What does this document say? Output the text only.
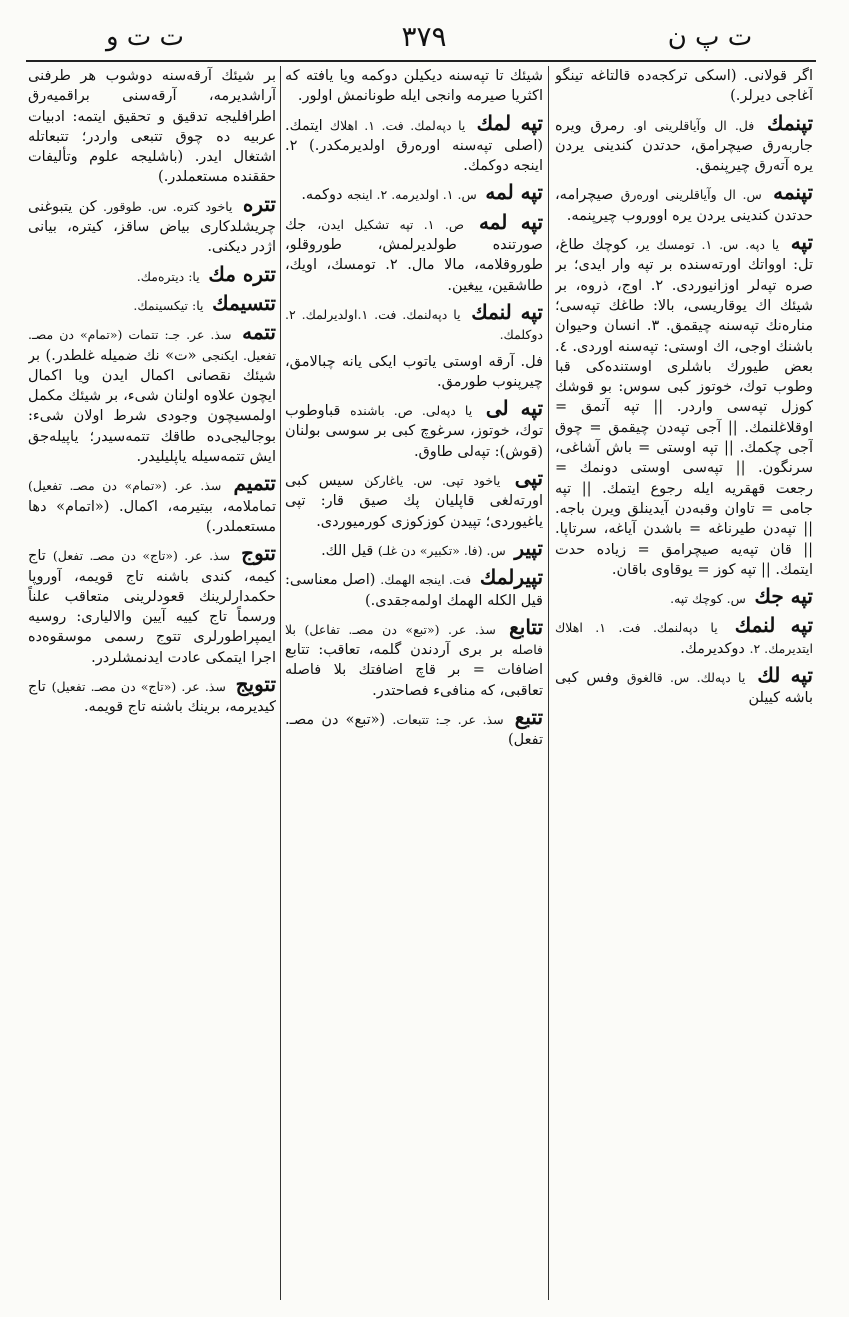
ت ت و	٣٧٩	ت پ ن

اگر قولانی. (اسکی ترکجه‌ده قالتاغه تینگو آغاجی دیرلر.)

تپنمك فل. ال وآیاقلرینی او. رمرق ویره جاربه‌رق صیچرامق، حدتدن کندینی یردن یره آته‌رق چیرپنمق.

تپنمه س. ال وآیاقلرینی اوره‌رق صیچرامه، حدتدن کندینی یردن یره اووروب چیرپنمه.

تپه یا دپه. س. ١. تومسك یر، کوچك طاغ، تل: اوواتك اورته‌سنده بر تپه وار ایدی؛ بر صره تپه‌لر اوزانیوردی. ٢. اوج، ذروه، بر شیئك اك یوقاریسی، بالا: طاغك تپه‌سی؛ مناره‌نك تپه‌سنه چیقمق. ٣. انسان وحیوان باشنك اوجی، اك اوستی: تپه‌سنه اوردی. ٤. بعض طیورك باشلری اوستنده‌کی قبا وطوب توك، خوتوز کبی سوس: بو قوشك کوزل تپه‌سی واردر. || تپه آتمق = اوقلاغلنمك. || آجی تپه‌دن چیقمق = چوق آجی چکمك. || تپه اوستی = باش آشاغی، سرنگون. || تپه‌سی اوستی دونمك = رجعت قهقریه ایله رجوع ایتمك. || تپه جامی = تاوان وقبه‌دن آیدینلق ویرن باجه. || تپه‌دن طیرناغه = باشدن آیاغه، سرتاپا. || قان تپه‌یه صیچرامق = زیاده حدت ایتمك. || تپه کوز = یوقاوی باقان.

تپه جك س. کوچك تپه.

تپه لنمك یا دپه‌لنمك. فت. ١. اهلاك ایتدیرمك. ٢. دوکدیرمك.

تپه لك یا دپه‌لك. س. قالغوق وفس کبی باشه کییلن

شیئك تا تپه‌سنه دیکیلن دوکمه ویا یافته که اکثریا صیرمه وانجی ایله طونانمش اولور.

تپه لمك یا دپه‌لمك. فت. ١. اهلاك ایتمك. (اصلی تپه‌سنه اوره‌رق اولدیرمکدر.) ٢. اینجه دوکمك.

تپه لمه س. ١. اولدیرمه. ٢. اینجه دوکمه.

تپه لمه ص. ١. تپه تشکیل ایدن، جك صورتنده طولدیرلمش، طوروقلو، طوروقلامه، مالا مال. ٢. تومسك، اویك، طاشقین، ییغین.

تپه لنمك یا دپه‌لنمك. فت. ١.اولدیرلمك. ٢. دوکلمك.

فل. آرقه اوستی یاتوب ایکی یانه چبالامق، چیرپنوب طورمق.

تپه لی یا دپه‌لی. ص. باشنده قباوطوب توك، خوتوز، سرغوچ کبی بر سوسی بولنان (قوش): تپه‌لی طاوق.

تپی یاخود تپی. س. یاغارکن سیس کبی اورته‌لغی قاپلیان پك صیق قار: تپی یاغیوردی؛ تپیدن کوزکوزی کورمیوردی.

تپیر س. (فا. «تکبیر» دن غلـ) قیل الك.

تپیرلمك فت. اینجه الهمك. (اصل معناسی: قیل الکله الهمك اولمه‌جقدی.)

تتابع سذ. عر. («تبع» دن مصـ. تفاعل) بلا فاصله بر بری آردندن گلمه، تعاقب: تتابع اضافات = بر قاچ اضافتك بلا فاصله تعاقبی، که منافیء فصاحتدر.

تتبع سذ. عر. جـ: تتبعات. («تبع» دن مصـ. تفعل)

بر شیئك آرقه‌سنه دوشوب هر طرفنی آراشدیرمه، آرقه‌سنی براقمیه‌رق اطرافلیجه تدقیق و تحقیق ایتمه: ادبیات عربیه ده چوق تتبعی واردر؛ تتبعاتله اشتغال ایدر. (باشلیجه علوم وتألیفات حققنده مستعملدر.)

تتره یاخود کتره. س. طوقور. کن یتبوغنی چریشلدکاری بیاض ساقز، کیتره، بیانی اژدر دیکنی.

تتره مك یا: دیتره‌مك.

تتسیمك یا: تیکسینمك.

تتمه سذ. عر. جـ: تتمات («تمام» دن مصـ. تفعیل. ایکنجی «ت» نك ضمیله غلطدر.) بر شیئك نقصانی اکمال ایدن ویا اکمال ایچون علاوه اولنان شیء، بر شیئك مکمل اولمسیچون وجودی شرط اولان شیء: بوجالیجی‌ده طاقك تتمه‌سیدر؛ یاپیله‌جق ایش تتمه‌سیله یاپلیلیدر.

تتمیم سذ. عر. («تمام» دن مصـ. تفعیل) تماملامه، بیتیرمه، اکمال. («اتمام» دها مستعملدر.)

تتوج سذ. عر. («تاج» دن مصـ. تفعل) تاج کیمه، کندی باشنه تاج قویمه، آوروپا حکمدارلرینك قعودلرینی متعاقب علناً ورسماً تاج کییه آیین والالیاری: روسیه ایمپراطورلری تتوج رسمی موسقوه‌ده اجرا ایتمکی عادت ایدنمشلردر.

تتویج سذ. عر. («تاج» دن مصـ. تفعیل) تاج کیدیرمه، برینك باشنه تاج قویمه.
